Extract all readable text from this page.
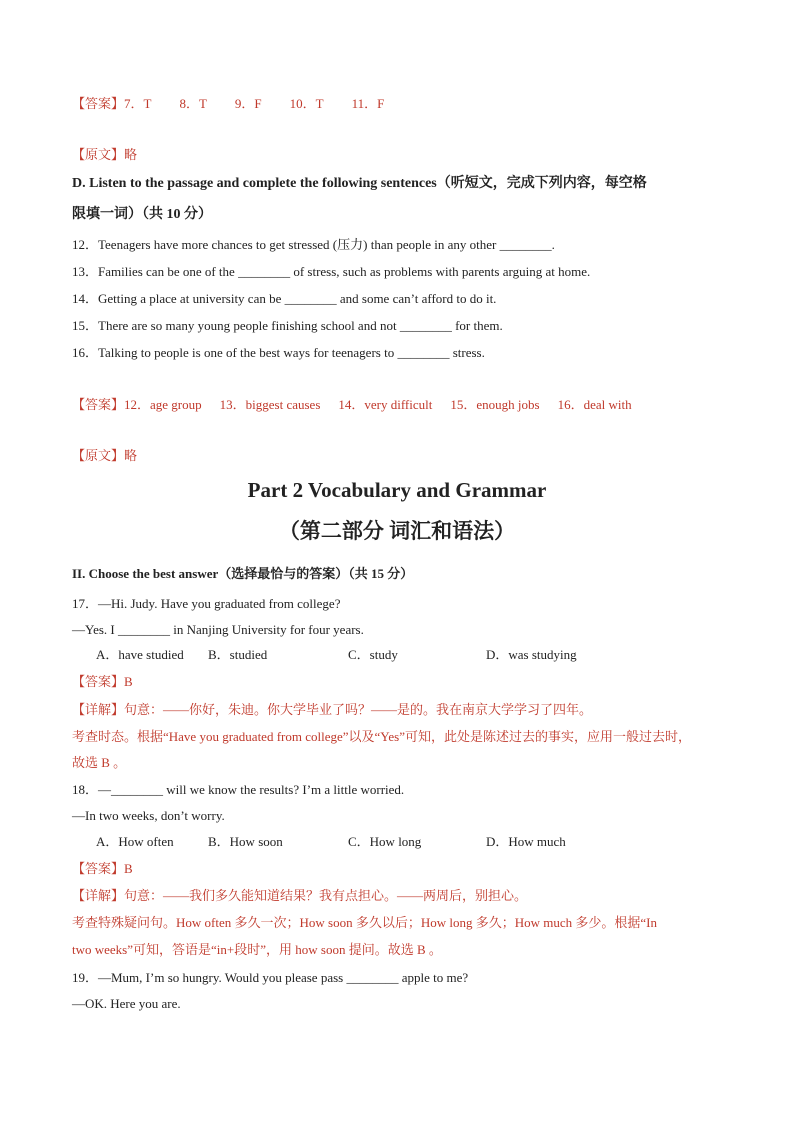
【答案】7．T 8．T 9．F 10．T 11．F
【原文】略
D. Listen to the passage and complete the following sentences（听短文，完成下列内容，每空格
限填一词）（共 10 分）
12．Teenagers have more chances to get stressed (压力) than people in any other ________.
13．Families can be one of the ________ of stress, such as problems with parents arguing at home.
14．Getting a place at university can be ________ and some can’t afford to do it.
15．There are so many young people finishing school and not ________ for them.
16．Talking to people is one of the best ways for teenagers to ________ stress.
【答案】12．age group 13．biggest causes 14．very difficult 15．enough jobs 16．deal with
【原文】略
Part 2 Vocabulary and Grammar
（第二部分 词汇和语法）
II. Choose the best answer（选择最恰与的答案）（共 15 分）
17．—Hi. Judy. Have you graduated from college?
—Yes. I ________ in Nanjing University for four years.
A．have studied B．studied	C．study	D．was studying
【答案】B
【详解】句意：——你好，朱迪。你大学毕业了吗？——是的。我在南京大学学习了四年。
考查时态。根据“Have you graduated from college”以及“Yes”可知，此处是陈述过去的事实，应用一般过去时，
故选 B 。
18．—________ will we know the results? I’m a little worried.
—In two weeks, don’t worry.
A．How often	B．How soon	C．How long	D．How much
【答案】B
【详解】句意：——我们多久能知道结果？我有点担心。——两周后，别担心。
考查特殊疑问句。How often 多久一次；How soon 多久以后；How long 多久；How much 多少。根据“In
two weeks”可知，答语是“in+段时”，用 how soon 提问。故选 B 。
19．—Mum, I’m so hungry. Would you please pass ________ apple to me?
—OK. Here you are.
